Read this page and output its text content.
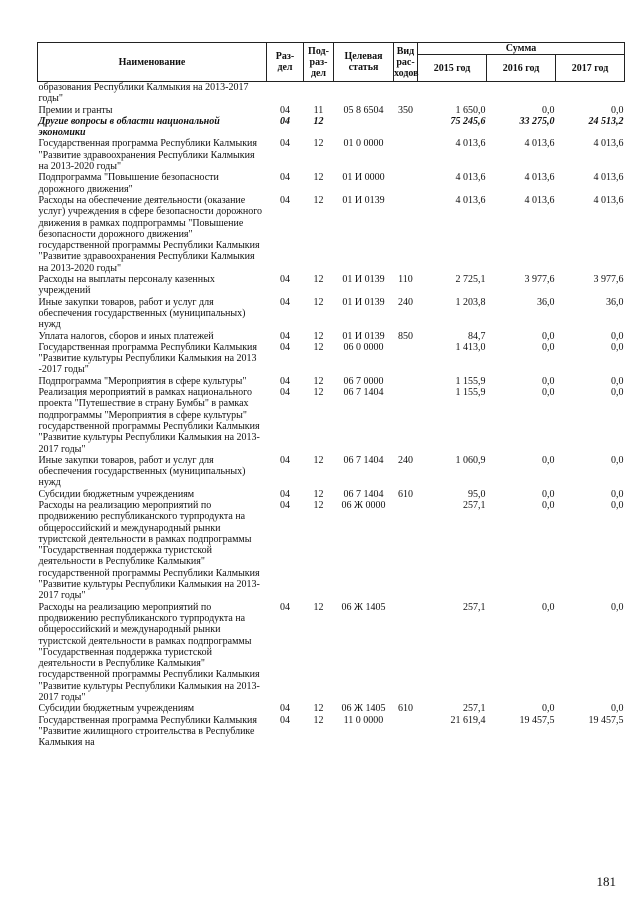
Наименование	Раз- дел	Под- раз- дел	Целевая статья	Вид рас- ходов	Сумма		
					2015 год	2016 год	2017 год
образования Республики Калмыкия на 2013-2017 годы"							
Премии и гранты	04	11	05 8 6504	350	1 650,0	0,0	0,0
Другие вопросы в области национальной экономики	04	12			75 245,6	33 275,0	24 513,2
Государственная программа Республики Калмыкия "Развитие здравоохранения Республики Калмыкия на 2013-2020 годы"	04	12	01 0 0000		4 013,6	4 013,6	4 013,6
Подпрограмма "Повышение безопасности дорожного движения"	04	12	01 И 0000		4 013,6	4 013,6	4 013,6
Расходы на обеспечение деятельности (оказание услуг) учреждения в сфере безопасности дорожного движения в рамках подпрограммы "Повышение безопасности дорожного движения" государственной программы Республики Калмыкия "Развитие здравоохранения Республики Калмыкия на 2013-2020 годы"	04	12	01 И 0139		4 013,6	4 013,6	4 013,6
Расходы на выплаты персоналу казенных учреждений	04	12	01 И 0139	110	2 725,1	3 977,6	3 977,6
Иные закупки товаров, работ и услуг для обеспечения государственных (муниципальных) нужд	04	12	01 И 0139	240	1 203,8	36,0	36,0
Уплата налогов, сборов и иных платежей	04	12	01 И 0139	850	84,7	0,0	0,0
Государственная программа Республики Калмыкия "Развитие культуры Республики Калмыкия на 2013 -2017 годы"	04	12	06 0 0000		1 413,0	0,0	0,0
Подпрограмма "Мероприятия в сфере культуры"	04	12	06 7 0000		1 155,9	0,0	0,0
Реализация мероприятий в рамках национального проекта "Путешествие в страну Бумбы" в рамках подпрограммы "Мероприятия в сфере культуры" государственной программы Республики Калмыкия "Развитие культуры Республики Калмыкия на 2013-2017 годы"	04	12	06 7 1404		1 155,9	0,0	0,0
Иные закупки товаров, работ и услуг для обеспечения государственных (муниципальных) нужд	04	12	06 7 1404	240	1 060,9	0,0	0,0
Субсидии бюджетным учреждениям	04	12	06 7 1404	610	95,0	0,0	0,0
Расходы на реализацию мероприятий по продвижению республиканского турпродукта на общероссийский и международный рынки туристской деятельности в рамках подпрограммы "Государственная поддержка туристской деятельности в Республике Калмыкия" государственной программы Республики Калмыкия "Развитие культуры Республики Калмыкия на 2013-2017 годы"	04	12	06 Ж 0000		257,1	0,0	0,0
Расходы на реализацию мероприятий по продвижению республиканского турпродукта на общероссийский и международный рынки туристской деятельности в рамках подпрограммы "Государственная поддержка туристской деятельности в Республике Калмыкия" государственной программы Республики Калмыкия "Развитие культуры Республики Калмыкия на 2013-2017 годы"	04	12	06 Ж 1405		257,1	0,0	0,0
Субсидии бюджетным учреждениям	04	12	06 Ж 1405	610	257,1	0,0	0,0
Государственная программа Республики Калмыкия "Развитие жилищного строительства в Республике Калмыкия на	04	12	11 0 0000		21 619,4	19 457,5	19 457,5
181
